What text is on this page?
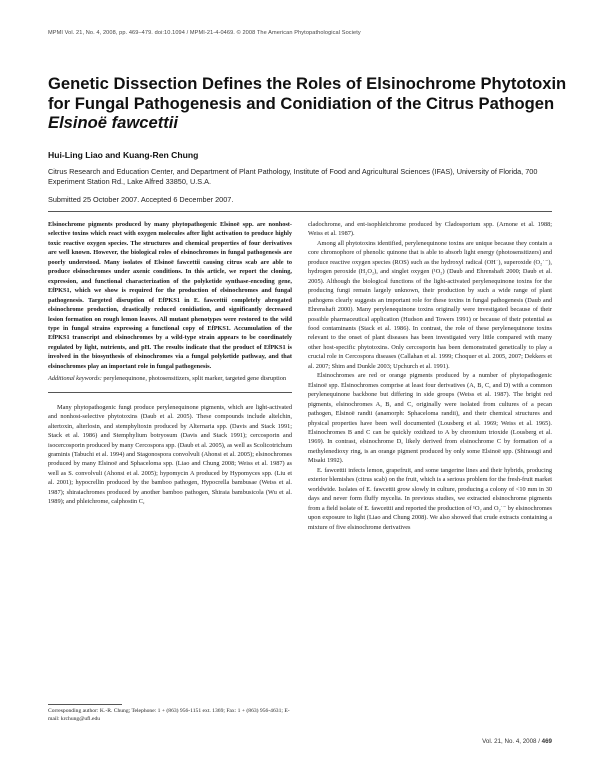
MPMI Vol. 21, No. 4, 2008, pp. 469–479. doi:10.1094 / MPMI-21-4-0469. © 2008 The American Phytopathological Society
Genetic Dissection Defines the Roles of Elsinochrome Phytotoxin for Fungal Pathogenesis and Conidiation of the Citrus Pathogen Elsinoë fawcettii
Hui-Ling Liao and Kuang-Ren Chung
Citrus Research and Education Center, and Department of Plant Pathology, Institute of Food and Agricultural Sciences (IFAS), University of Florida, 700 Experiment Station Rd., Lake Alfred 33850, U.S.A.
Submitted 25 October 2007. Accepted 6 December 2007.

Elsinochrome pigments produced by many phytopathogenic Elsinoë spp. are nonhost-selective toxins which react with oxygen molecules after light activation to produce highly toxic reactive oxygen species. The structures and chemical properties of four derivatives are well known. However, the biological roles of elsinochromes in fungal pathogenesis are poorly understood. Many isolates of Elsinoë fawcettii causing citrus scab are able to produce elsinochromes under axenic conditions. In this article, we report the cloning, expression, and functional characterization of the polyketide synthase-encoding gene, EfPKS1, which we show is required for the production of elsinochromes and fungal pathogenesis. Targeted disruption of EfPKS1 in E. fawcettii completely abrogated elsinochrome production, drastically reduced conidiation, and significantly decreased lesion formation on rough lemon leaves. All mutant phenotypes were restored to the wild type in fungal strains expressing a functional copy of EfPKS1. Accumulation of the EfPKS1 transcript and elsinochromes by a wild-type strain appears to be coordinately regulated by light, nutrients, and pH. The results indicate that the product of EfPKS1 is involved in the biosynthesis of elsinochromes via a fungal polyketide pathway, and that elsinochromes play an important role in fungal pathogenesis.

Additional keywords: perylenequinone, photosensitizers, split marker, targeted gene disruption

Many phytopathogenic fungi produce perylenequinone pigments, which are light-activated and nonhost-selective phytotoxins (Daub et al. 2005). These compounds include altelchin, altertoxin, alterlosin, and stemphyltoxin produced by Alternaria spp. (Davis and Stack 1991; Stack et al. 1986) and Stemphylium botryosum (Davis and Stack 1991); cercosporin and isocercosporin produced by many Cercospora spp. (Daub et al. 2005), as well as Scolicotrichum graminis (Tabuchi et al. 1994) and Stagonospora convolvuli (Ahonsi et al. 2005); elsinochromes produced by many Elsinoë and Sphaceloma spp. (Liao and Chung 2008; Weiss et al. 1987) as well as S. convolvuli (Ahonsi et al. 2005); hypomycin A produced by Hypomyces spp. (Liu et al. 2001); hypocrellin produced by the bamboo pathogen, Hypocrella bambusae (Weiss et al. 1987); shiraiachromes produced by another bamboo pathogen, Shiraia bambusicola (Wu et al. 1989); and phleichrome, calphostin C,

Corresponding author: K.-R. Chung; Telephone: 1 + (863) 956-1151 ext. 1369; Fax: 1 + (863) 956-4631; E-mail: krchung@ufl.edu

cladochrome, and ent-isophleichrome produced by Cladosporium spp. (Arnone et al. 1988; Weiss et al. 1987).

Among all phytotoxins identified, perylenequinone toxins are unique because they contain a core chromophore of phenolic quinone that is able to absorb light energy (photosensitizers) and produce reactive oxygen species (ROS) such as the hydroxyl radical (OH˙), superoxide (O₂˙⁻), hydrogen peroxide (H₂O₂), and singlet oxygen (¹O₂) (Daub and Ehrenshaft 2000; Daub et al. 2005). Although the biological functions of the light-activated perylenequinone toxins for the producing fungi remain largely unknown, their production by such a wide range of plant pathogens clearly suggests an important role for these toxins in fungal pathogenesis (Daub and Ehrenshaft 2000). Many perylenequinone toxins originally were investigated because of their possible pharmaceutical application (Hudson and Towers 1991) or because of their potential as food contaminants (Stack et al. 1986). In contrast, the role of these perylenequinone toxins relevant to the onset of plant diseases has been investigated very little compared with many other host-specific phytotoxins. Only cercosporin has been demonstrated genetically to play a crucial role in Cercospora diseases (Callahan et al. 1999; Choquer et al. 2005, 2007; Dekkers et al. 2007; Shim and Dunkle 2003; Upchurch et al. 1991).

Elsinochromes are red or orange pigments produced by a number of phytopathogenic Elsinoë spp. Elsinochromes comprise at least four derivatives (A, B, C, and D) with a common perylenequinone backbone but differing in side groups (Weiss et al. 1987). The bright red pigments, elsinochromes A, B, and C, originally were isolated from cultures of a pecan pathogen, Elsinoë randii (anamorph: Sphaceloma randii), and their chemical structures and physical properties have been well documented (Lousberg et al. 1969; Weiss et al. 1965). Elsinochromes B and C can be quickly oxidized to A by chromium trioxide (Lousberg et al. 1969). In contrast, elsinochrome D, likely derived from elsinochrome C by formation of a methylenedioxy ring, is an orange pigment produced by only some Elsinoë spp. (Shirasugi and Misaki 1992).

E. fawcettii infects lemon, grapefruit, and some tangerine lines and their hybrids, producing exterior blemishes (citrus scab) on the fruit, which is a serious problem for the fresh-fruit market worldwide. Isolates of E. fawcettii grow slowly in culture, producing a colony of <10 mm in 30 days and never form fluffy mycelia. In previous studies, we extracted elsinochrome pigments from a field isolate of E. fawcettii and reported the production of ¹O₂ and O₂˙⁻ by elsinochromes upon exposure to light (Liao and Chung 2008). We also showed that crude extracts containing a mixture of five elsinochrome derivatives

Vol. 21, No. 4, 2008 / 469
